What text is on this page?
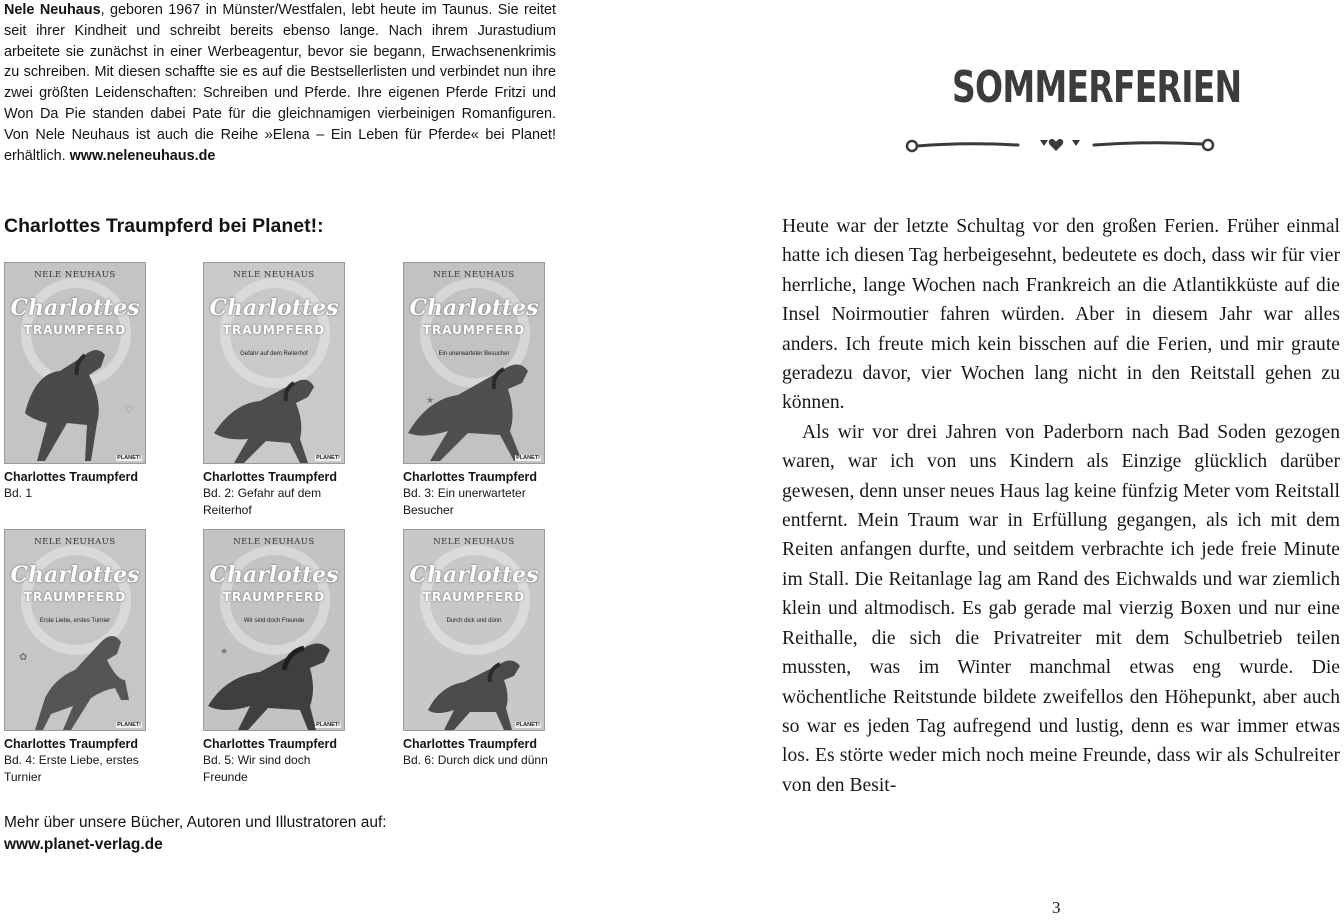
Nele Neuhaus, geboren 1967 in Münster/Westfalen, lebt heute im Taunus. Sie reitet seit ihrer Kindheit und schreibt bereits ebenso lange. Nach ihrem Jurastudium arbeitete sie zunächst in einer Werbeagentur, bevor sie begann, Erwachsenenkrimis zu schreiben. Mit diesen schaffte sie es auf die Bestsellerlisten und verbindet nun ihre zwei größten Leidenschaften: Schreiben und Pferde. Ihre eigenen Pferde Fritzi und Won Da Pie standen dabei Pate für die gleichnamigen vierbeinigen Romanfiguren. Von Nele Neuhaus ist auch die Reihe »Elena – Ein Leben für Pferde« bei Planet! erhältlich. www.neleneuhaus.de

Charlottes Traumpferd bei Planet!:
♡
NELE NEUHAUS
Charlottes
TRAUMPFERD
PLANET!
Charlottes Traumpferd
Bd. 1
NELE NEUHAUS
Charlottes
TRAUMPFERD
Gefahr auf dem Reiterhof
PLANET!
Charlottes Traumpferd
Bd. 2: Gefahr auf dem Reiterhof
★
NELE NEUHAUS
Charlottes
TRAUMPFERD
Ein unerwarteter Besucher
PLANET!
Charlottes Traumpferd
Bd. 3: Ein unerwarteter Besucher
✿
NELE NEUHAUS
Charlottes
TRAUMPFERD
Erste Liebe, erstes Turnier
PLANET!
Charlottes Traumpferd
Bd. 4: Erste Liebe, erstes Turnier
★
NELE NEUHAUS
Charlottes
TRAUMPFERD
Wir sind doch Freunde
PLANET!
Charlottes Traumpferd
Bd. 5: Wir sind doch Freunde
NELE NEUHAUS
Charlottes
TRAUMPFERD
Durch dick und dünn
PLANET!
Charlottes Traumpferd
Bd. 6: Durch dick und dünn
Mehr über unsere Bücher, Autoren und Illustratoren auf:
www.planet-verlag.de
SOMMERFERIEN

Heute war der letzte Schultag vor den großen Ferien. Früher einmal hatte ich diesen Tag herbeigesehnt, bedeutete es doch, dass wir für vier herrliche, lange Wochen nach Frankreich an die Atlantikküste auf die Insel Noirmoutier fahren würden. Aber in diesem Jahr war alles anders. Ich freute mich kein bisschen auf die Ferien, und mir graute geradezu davor, vier Wochen lang nicht in den Reitstall gehen zu können.

Als wir vor drei Jahren von Paderborn nach Bad Soden gezogen waren, war ich von uns Kindern als Einzige glücklich darüber gewesen, denn unser neues Haus lag keine fünfzig Meter vom Reitstall entfernt. Mein Traum war in Erfüllung gegangen, als ich mit dem Reiten anfangen durfte, und seitdem verbrachte ich jede freie Minute im Stall. Die Reitanlage lag am Rand des Eichwalds und war ziemlich klein und altmodisch. Es gab gerade mal vierzig Boxen und nur eine Reithalle, die sich die Privatreiter mit dem Schulbetrieb teilen mussten, was im Winter manchmal etwas eng wurde. Die wöchentliche Reitstunde bildete zweifellos den Höhepunkt, aber auch so war es jeden Tag aufregend und lustig, denn es war immer etwas los. Es störte weder mich noch meine Freunde, dass wir als Schulreiter von den Besit-

3
